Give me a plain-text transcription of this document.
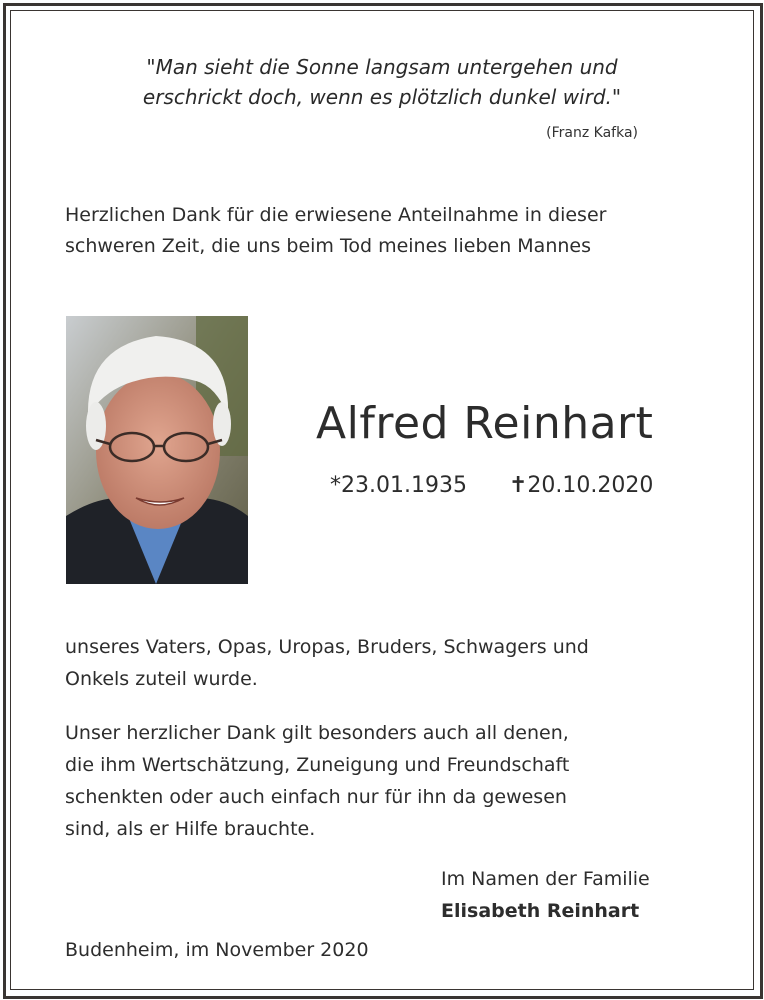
"Man sieht die Sonne langsam untergehen und
erschrickt doch, wenn es plötzlich dunkel wird."
(Franz Kafka)
Herzlichen Dank für die erwiesene Anteilnahme in dieser
schweren Zeit, die uns beim Tod meines lieben Mannes
Alfred Reinhart
*23.01.1935 ✝20.10.2020
unseres Vaters, Opas, Uropas, Bruders, Schwagers und
Onkels zuteil wurde.
Unser herzlicher Dank gilt besonders auch all denen,
die ihm Wertschätzung, Zuneigung und Freundschaft
schenkten oder auch einfach nur für ihn da gewesen
sind, als er Hilfe brauchte.
Im Namen der Familie
Elisabeth Reinhart
Budenheim, im November 2020
